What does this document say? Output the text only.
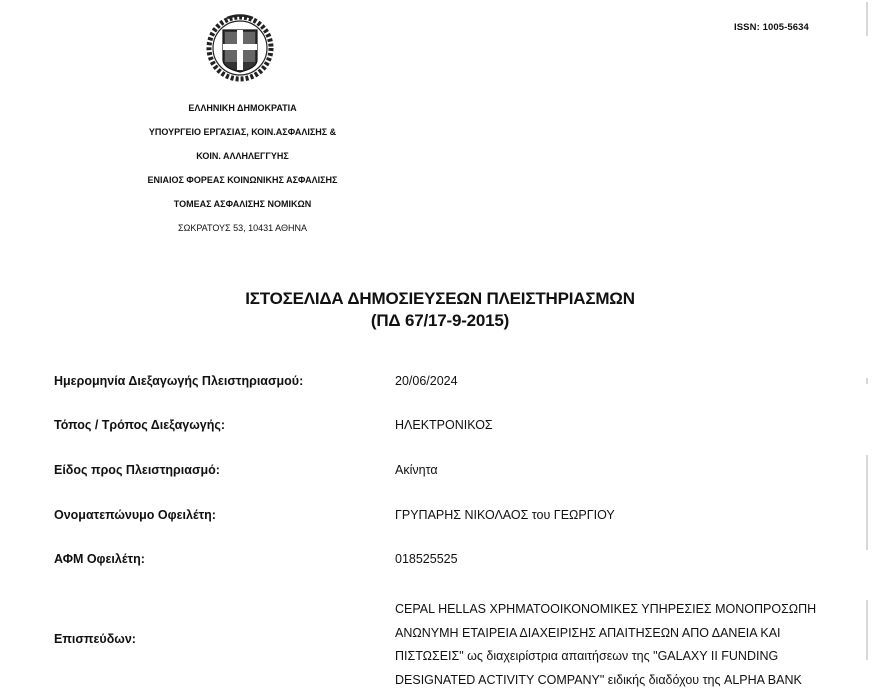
ISSN: 1005-5634
ΕΛΛΗΝΙΚΗ ΔΗΜΟΚΡΑΤΙΑ
ΥΠΟΥΡΓΕΙΟ ΕΡΓΑΣΙΑΣ, ΚΟΙΝ.ΑΣΦΑΛΙΣΗΣ &
ΚΟΙΝ. ΑΛΛΗΛΕΓΓΥΗΣ
ΕΝΙΑΙΟΣ ΦΟΡΕΑΣ ΚΟΙΝΩΝΙΚΗΣ ΑΣΦΑΛΙΣΗΣ
ΤΟΜΕΑΣ ΑΣΦΑΛΙΣΗΣ ΝΟΜΙΚΩΝ
ΣΩΚΡΑΤΟΥΣ 53, 10431 ΑΘΗΝΑ
ΙΣΤΟΣΕΛΙΔΑ ΔΗΜΟΣΙΕΥΣΕΩΝ ΠΛΕΙΣΤΗΡΙΑΣΜΩΝ
(ΠΔ 67/17-9-2015)
Ημερομηνία Διεξαγωγής Πλειστηριασμού:	20/06/2024
Τόπος / Τρόπος Διεξαγωγής:	ΗΛΕΚΤΡΟΝΙΚΟΣ
Είδος προς Πλειστηριασμό:	Ακίνητα
Ονοματεπώνυμο Οφειλέτη:	ΓΡΥΠΑΡΗΣ ΝΙΚΟΛΑΟΣ του ΓΕΩΡΓΙΟΥ
ΑΦΜ Οφειλέτη:	018525525
Επισπεύδων:
CEPAL HELLAS ΧΡΗΜΑΤΟΟΙΚΟΝΟΜΙΚΕΣ ΥΠΗΡΕΣΙΕΣ ΜΟΝΟΠΡΟΣΩΠΗ
ΑΝΩΝΥΜΗ ΕΤΑΙΡΕΙΑ ΔΙΑΧΕΙΡΙΣΗΣ ΑΠΑΙΤΗΣΕΩΝ ΑΠΟ ΔΑΝΕΙΑ ΚΑΙ
ΠΙΣΤΩΣΕΙΣ" ως διαχειρίστρια απαιτήσεων της "GALAXY II FUNDING
DESIGNATED ACTIVITY COMPANY" ειδικής διαδόχου της ALPHA BANK
